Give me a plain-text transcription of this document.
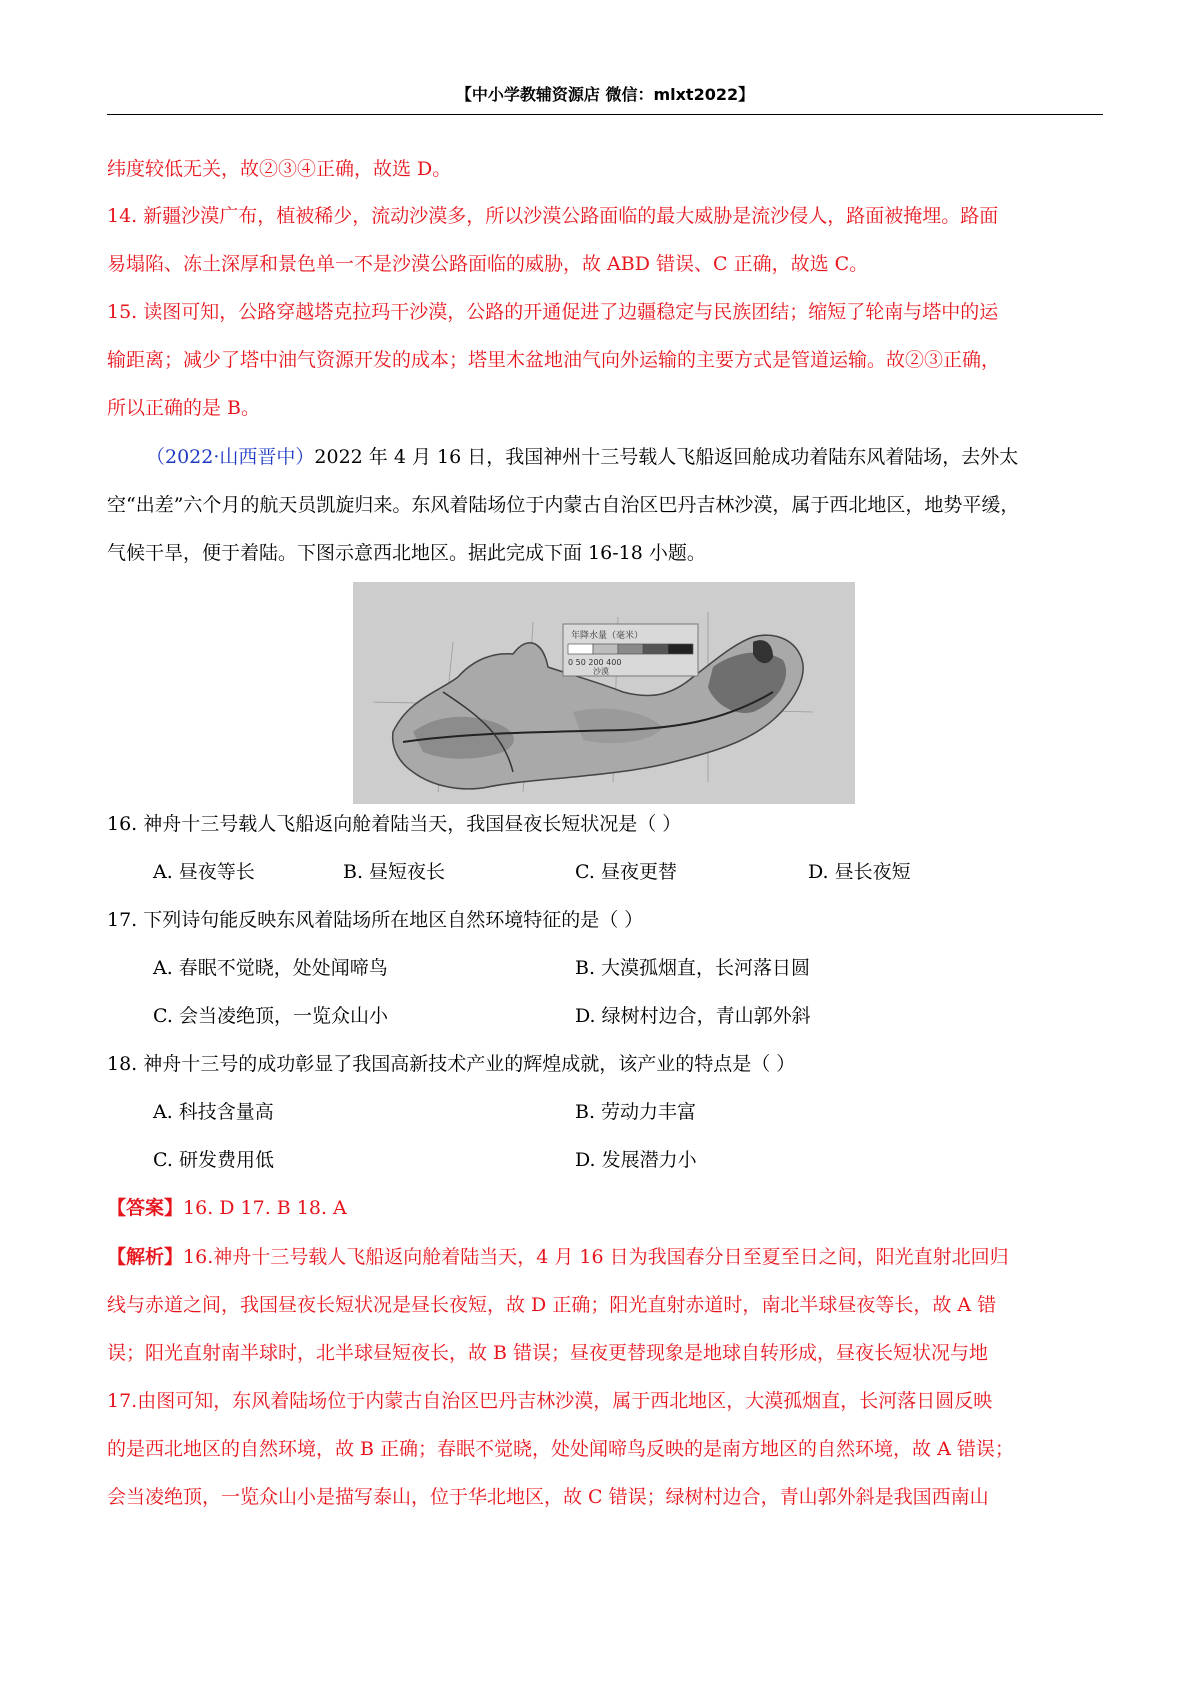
【中小学教辅资源店 微信：mlxt2022】
纬度较低无关，故②③④正确，故选 D。
14. 新疆沙漠广布，植被稀少，流动沙漠多，所以沙漠公路面临的最大威胁是流沙侵人，路面被掩埋。路面
易塌陷、冻土深厚和景色单一不是沙漠公路面临的威胁，故 ABD 错误、C 正确，故选 C。
15. 读图可知，公路穿越塔克拉玛干沙漠，公路的开通促进了边疆稳定与民族团结；缩短了轮南与塔中的运
输距离；减少了塔中油气资源开发的成本；塔里木盆地油气向外运输的主要方式是管道运输。故②③正确，
所以正确的是 B。
（2022·山西晋中）2022 年 4 月 16 日，我国神州十三号载人飞船返回舱成功着陆东风着陆场，去外太
空“出差”六个月的航天员凯旋归来。东风着陆场位于内蒙古自治区巴丹吉林沙漠，属于西北地区，地势平缓，
气候干旱，便于着陆。下图示意西北地区。据此完成下面 16-18 小题。
年降水量（毫米）
0 50 200 400
沙漠
16. 神舟十三号载人飞船返向舱着陆当天，我国昼夜长短状况是（ ）
A. 昼夜等长	B. 昼短夜长	C. 昼夜更替	D. 昼长夜短
17. 下列诗句能反映东风着陆场所在地区自然环境特征的是（ ）
A. 春眠不觉晓，处处闻啼鸟	B. 大漠孤烟直，长河落日圆
C. 会当凌绝顶，一览众山小	D. 绿树村边合，青山郭外斜
18. 神舟十三号的成功彰显了我国高新技术产业的辉煌成就，该产业的特点是（ ）
A. 科技含量高	B. 劳动力丰富
C. 研发费用低	D. 发展潜力小
【答案】16. D 17. B 18. A
【解析】16.神舟十三号载人飞船返向舱着陆当天，4 月 16 日为我国春分日至夏至日之间，阳光直射北回归
线与赤道之间，我国昼夜长短状况是昼长夜短，故 D 正确；阳光直射赤道时，南北半球昼夜等长，故 A 错
误；阳光直射南半球时，北半球昼短夜长，故 B 错误；昼夜更替现象是地球自转形成，昼夜长短状况与地
17.由图可知，东风着陆场位于内蒙古自治区巴丹吉林沙漠，属于西北地区，大漠孤烟直，长河落日圆反映
的是西北地区的自然环境，故 B 正确；春眠不觉晓，处处闻啼鸟反映的是南方地区的自然环境，故 A 错误；
会当凌绝顶，一览众山小是描写泰山，位于华北地区，故 C 错误；绿树村边合，青山郭外斜是我国西南山
